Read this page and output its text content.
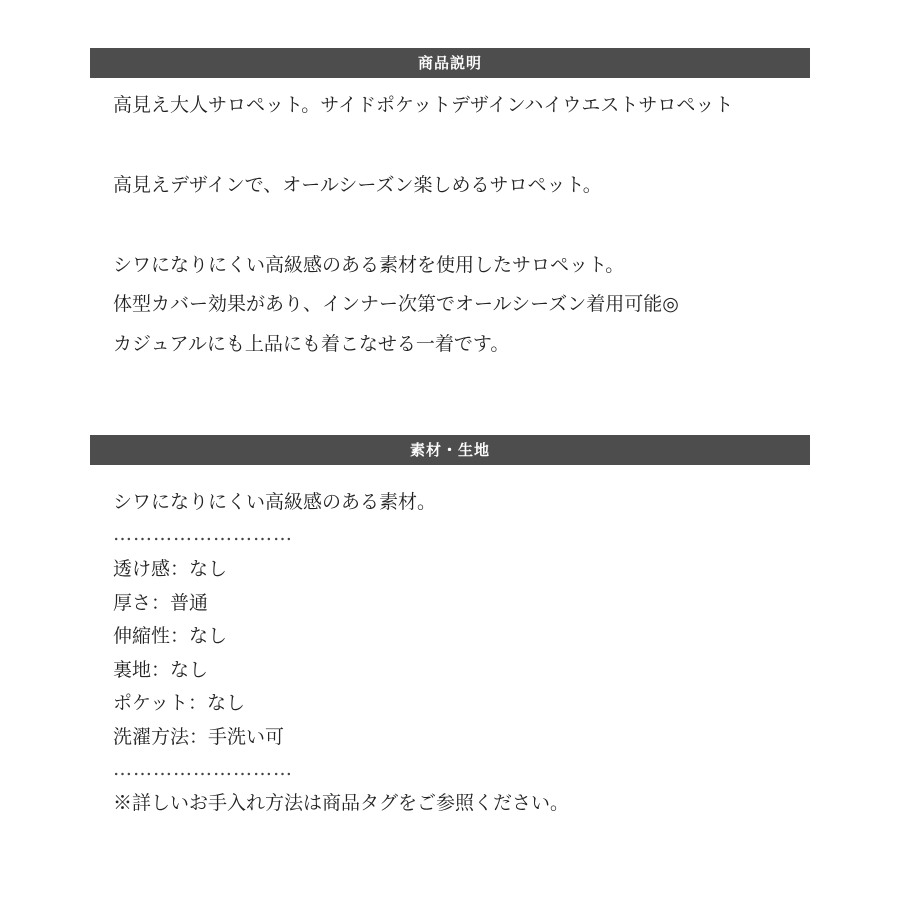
商品説明
高見え大人サロペット。サイドポケットデザインハイウエストサロペット
高見えデザインで、オールシーズン楽しめるサロペット。
シワになりにくい高級感のある素材を使用したサロペット。
体型カバー効果があり、インナー次第でオールシーズン着用可能◎
カジュアルにも上品にも着こなせる一着です。
素材・生地
シワになりにくい高級感のある素材。
………………………
透け感：なし
厚さ：普通
伸縮性：なし
裏地：なし
ポケット：なし
洗濯方法：手洗い可
………………………
※詳しいお手入れ方法は商品タグをご参照ください。
